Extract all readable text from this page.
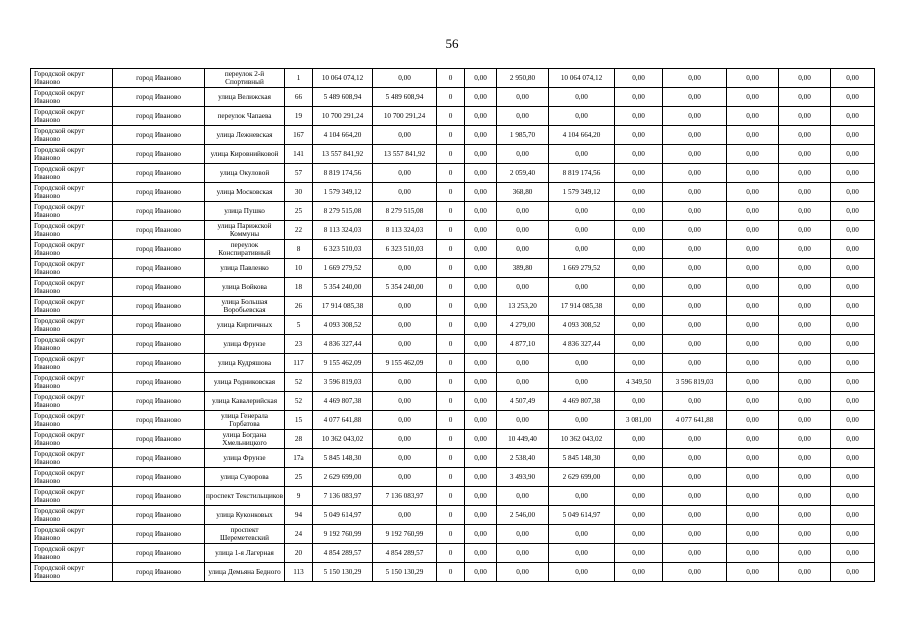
56
Городской округ Иваново	город Иваново	переулок 2-й Спортивный	1	10 064 074,12	0,00	0	0,00	2 950,80	10 064 074,12	0,00	0,00	0,00	0,00	0,00
Городской округ Иваново	город Иваново	улица Велижская	66	5 489 608,94	5 489 608,94	0	0,00	0,00	0,00	0,00	0,00	0,00	0,00	0,00
Городской округ Иваново	город Иваново	переулок Чапаева	19	10 700 291,24	10 700 291,24	0	0,00	0,00	0,00	0,00	0,00	0,00	0,00	0,00
Городской округ Иваново	город Иваново	улица Лежневская	167	4 104 664,20	0,00	0	0,00	1 985,70	4 104 664,20	0,00	0,00	0,00	0,00	0,00
Городской округ Иваново	город Иваново	улица Кировнийковой	141	13 557 841,92	13 557 841,92	0	0,00	0,00	0,00	0,00	0,00	0,00	0,00	0,00
Городской округ Иваново	город Иваново	улица Окуловой	57	8 819 174,56	0,00	0	0,00	2 059,40	8 819 174,56	0,00	0,00	0,00	0,00	0,00
Городской округ Иваново	город Иваново	улица Московская	30	1 579 349,12	0,00	0	0,00	368,80	1 579 349,12	0,00	0,00	0,00	0,00	0,00
Городской округ Иваново	город Иваново	улица Пушко	25	8 279 515,08	8 279 515,08	0	0,00	0,00	0,00	0,00	0,00	0,00	0,00	0,00
Городской округ Иваново	город Иваново	улица Парижской Коммуны	22	8 113 324,03	8 113 324,03	0	0,00	0,00	0,00	0,00	0,00	0,00	0,00	0,00
Городской округ Иваново	город Иваново	переулок Конспиративный	8	6 323 510,03	6 323 510,03	0	0,00	0,00	0,00	0,00	0,00	0,00	0,00	0,00
Городской округ Иваново	город Иваново	улица Павленко	10	1 669 279,52	0,00	0	0,00	389,80	1 669 279,52	0,00	0,00	0,00	0,00	0,00
Городской округ Иваново	город Иваново	улица Войкова	18	5 354 240,00	5 354 240,00	0	0,00	0,00	0,00	0,00	0,00	0,00	0,00	0,00
Городской округ Иваново	город Иваново	улица Большая Воробьевская	26	17 914 085,38	0,00	0	0,00	13 253,20	17 914 085,38	0,00	0,00	0,00	0,00	0,00
Городской округ Иваново	город Иваново	улица Кирпичных	5	4 093 308,52	0,00	0	0,00	4 279,00	4 093 308,52	0,00	0,00	0,00	0,00	0,00
Городской округ Иваново	город Иваново	улица Фрунзе	23	4 836 327,44	0,00	0	0,00	4 877,10	4 836 327,44	0,00	0,00	0,00	0,00	0,00
Городской округ Иваново	город Иваново	улица Кудряшова	117	9 155 462,09	9 155 462,09	0	0,00	0,00	0,00	0,00	0,00	0,00	0,00	0,00
Городской округ Иваново	город Иваново	улица Родниковская	52	3 596 819,03	0,00	0	0,00	0,00	0,00	4 349,50	3 596 819,03	0,00	0,00	0,00
Городской округ Иваново	город Иваново	улица Кавалерийская	52	4 469 807,38	0,00	0	0,00	4 507,49	4 469 807,38	0,00	0,00	0,00	0,00	0,00
Городской округ Иваново	город Иваново	улица Генерала Горбатова	15	4 077 641,88	0,00	0	0,00	0,00	0,00	3 081,00	4 077 641,88	0,00	0,00	0,00
Городской округ Иваново	город Иваново	улица Богдана Хмельницкого	28	10 362 043,02	0,00	0	0,00	10 449,40	10 362 043,02	0,00	0,00	0,00	0,00	0,00
Городской округ Иваново	город Иваново	улица Фрунзе	17а	5 845 148,30	0,00	0	0,00	2 538,40	5 845 148,30	0,00	0,00	0,00	0,00	0,00
Городской округ Иваново	город Иваново	улица Суворова	25	2 629 699,00	0,00	0	0,00	3 493,90	2 629 699,00	0,00	0,00	0,00	0,00	0,00
Городской округ Иваново	город Иваново	проспект Текстильщиков	9	7 136 083,97	7 136 083,97	0	0,00	0,00	0,00	0,00	0,00	0,00	0,00	0,00
Городской округ Иваново	город Иваново	улица Куконковых	94	5 049 614,97	0,00	0	0,00	2 546,00	5 049 614,97	0,00	0,00	0,00	0,00	0,00
Городской округ Иваново	город Иваново	проспект Шереметевский	24	9 192 760,99	9 192 760,99	0	0,00	0,00	0,00	0,00	0,00	0,00	0,00	0,00
Городской округ Иваново	город Иваново	улица 1-я Лагерная	20	4 854 289,57	4 854 289,57	0	0,00	0,00	0,00	0,00	0,00	0,00	0,00	0,00
Городской округ Иваново	город Иваново	улица Демьяна Бедного	113	5 150 130,29	5 150 130,29	0	0,00	0,00	0,00	0,00	0,00	0,00	0,00	0,00
